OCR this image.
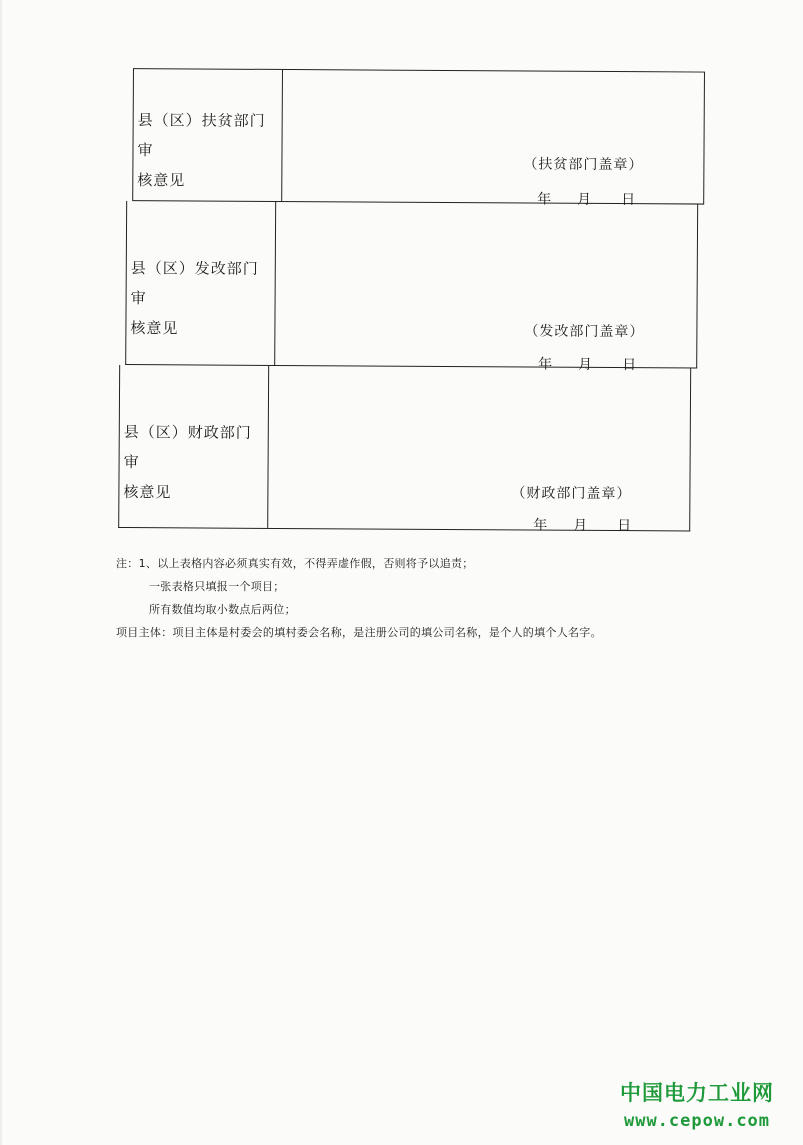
县（区）扶贫部门审
核意见
（扶贫部门盖章）
年 月 日
县（区）发改部门审
核意见	（发改部门盖章）
年 月 日
县（区）财政部门审
核意见	（财政部门盖章）
年 月 日
注：1、以上表格内容必须真实有效，不得弄虚作假，否则将予以追责；
一张表格只填报一个项目；
所有数值均取小数点后两位；
项目主体：项目主体是村委会的填村委会名称，是注册公司的填公司名称，是个人的填个人名字。
中国电力工业网
www.cepow.com
